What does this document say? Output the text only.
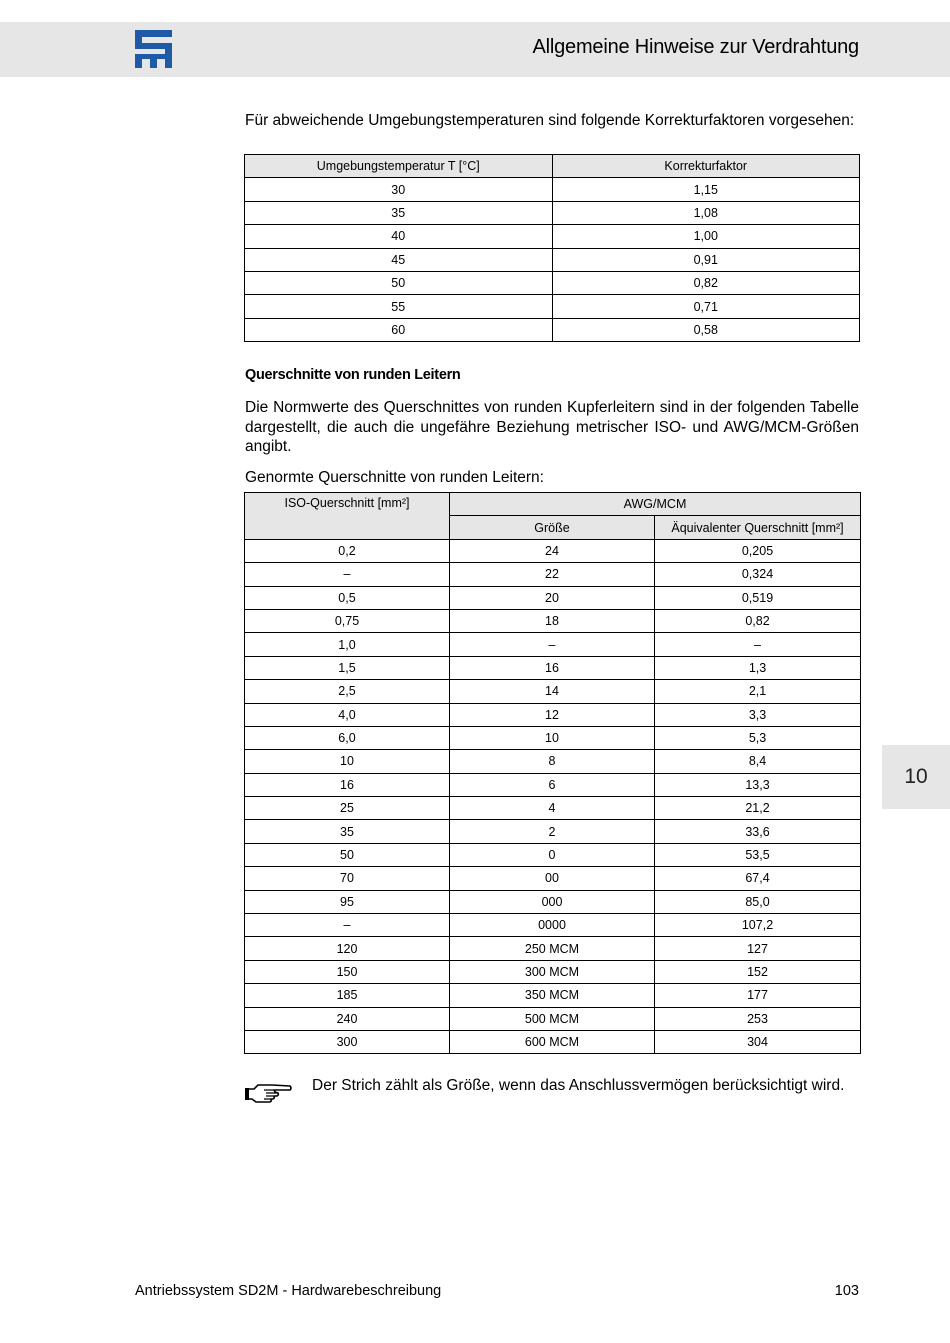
Allgemeine Hinweise zur Verdrahtung

Für abweichende Umgebungstemperaturen sind folgende Korrekturfaktoren vorgesehen:

Umgebungstemperatur T [°C]	Korrekturfaktor
30	1,15
35	1,08
40	1,00
45	0,91
50	0,82
55	0,71
60	0,58
Querschnitte von runden Leitern

Die Normwerte des Querschnittes von runden Kupferleitern sind in der folgenden Tabelle dargestellt, die auch die ungefähre Beziehung metrischer ISO- und AWG/MCM-Größen angibt.

Genormte Querschnitte von runden Leitern:

ISO-Querschnitt [mm²]	AWG/MCM	
	Größe	Äquivalenter Querschnitt [mm²]
0,2	24	0,205
–	22	0,324
0,5	20	0,519
0,75	18	0,82
1,0	–	–
1,5	16	1,3
2,5	14	2,1
4,0	12	3,3
6,0	10	5,3
10	8	8,4
16	6	13,3
25	4	21,2
35	2	33,6
50	0	53,5
70	00	67,4
95	000	85,0
–	0000	107,2
120	250 MCM	127
150	300 MCM	152
185	350 MCM	177
240	500 MCM	253
300	600 MCM	304

Der Strich zählt als Größe, wenn das Anschlussvermögen berücksichtigt wird.

10
Antriebssystem SD2M - Hardwarebeschreibung	103
